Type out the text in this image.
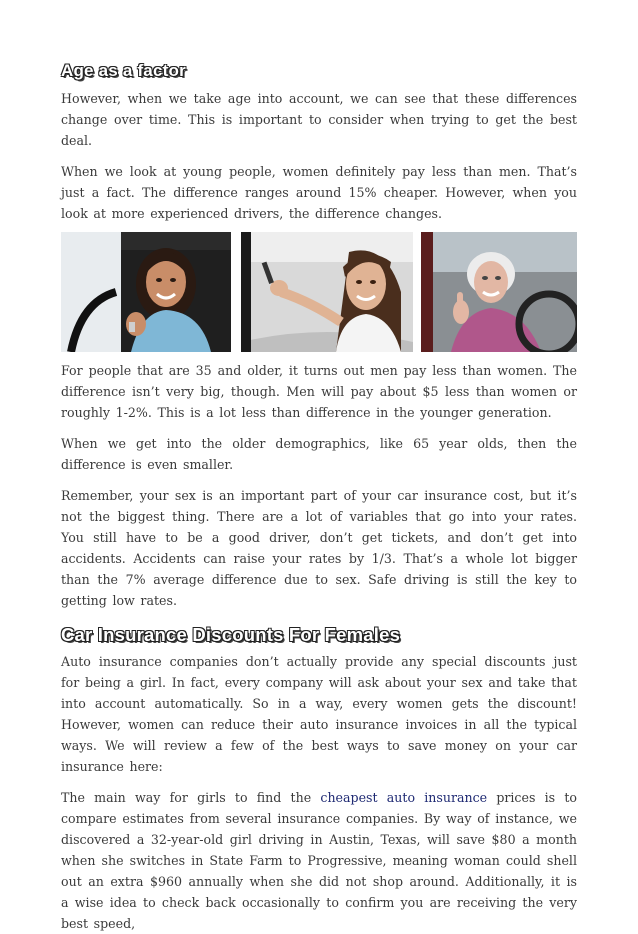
Age as a factor

However, when we take age into account, we can see that these differences change over time. This is important to consider when trying to get the best deal.

When we look at young people, women definitely pay less than men. That’s just a fact. The difference ranges around 15% cheaper. However, when you look at more experienced drivers, the difference changes.

For people that are 35 and older, it turns out men pay less than women. The difference isn’t very big, though. Men will pay about $5 less than women or roughly 1-2%. This is a lot less than difference in the younger generation.

When we get into the older demographics, like 65 year olds, then the difference is even smaller.

Remember, your sex is an important part of your car insurance cost, but it’s not the biggest thing. There are a lot of variables that go into your rates. You still have to be a good driver, don’t get tickets, and don’t get into accidents. Accidents can raise your rates by 1/3. That’s a whole lot bigger than the 7% average difference due to sex. Safe driving is still the key to getting low rates.

Car Insurance Discounts For Females

Auto insurance companies don’t actually provide any special discounts just for being a girl. In fact, every company will ask about your sex and take that into account automatically. So in a way, every women gets the discount! However, women can reduce their auto insurance invoices in all the typical ways. We will review a few of the best ways to save money on your car insurance here:

The main way for girls to find the cheapest auto insurance prices is to compare estimates from several insurance companies. By way of instance, we discovered a 32-year-old girl driving in Austin, Texas, will save $80 a month when she switches in State Farm to Progressive, meaning woman could shell out an extra $960 annually when she did not shop around. Additionally, it is a wise idea to check back occasionally to confirm you are receiving the very best speed,
